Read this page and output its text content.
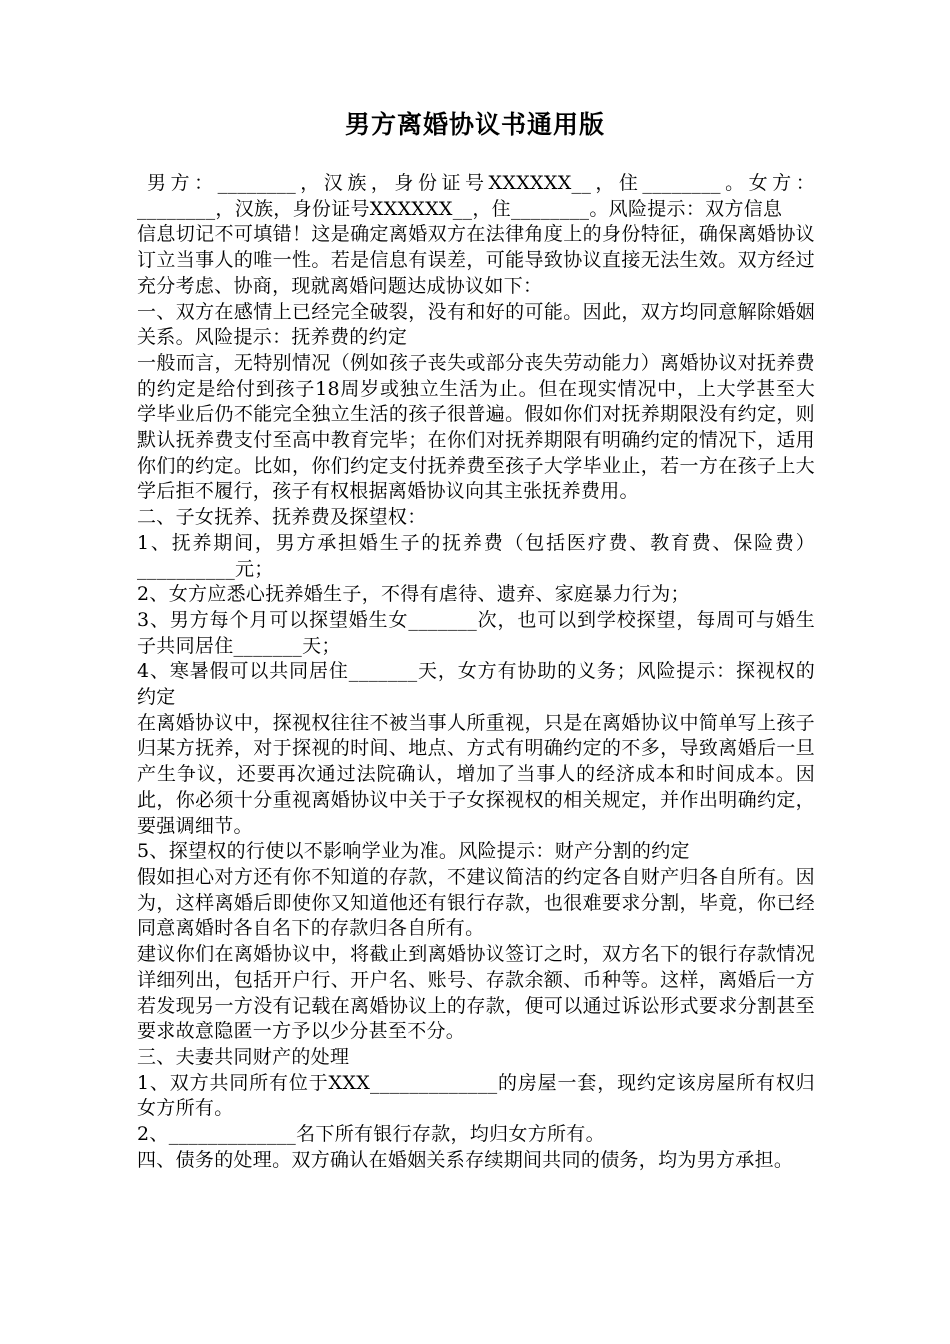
男方离婚协议书通用版

男方：________，汉族，身份证号XXXXXX__，住________。女方：________，汉族，身份证号XXXXXX__，住________。风险提示：双方信息

信息切记不可填错！这是确定离婚双方在法律角度上的身份特征，确保离婚协议订立当事人的唯一性。若是信息有误差，可能导致协议直接无法生效。双方经过充分考虑、协商，现就离婚问题达成协议如下：

一、双方在感情上已经完全破裂，没有和好的可能。因此，双方均同意解除婚姻关系。风险提示：抚养费的约定

一般而言，无特别情况（例如孩子丧失或部分丧失劳动能力）离婚协议对抚养费的约定是给付到孩子18周岁或独立生活为止。但在现实情况中，上大学甚至大学毕业后仍不能完全独立生活的孩子很普遍。假如你们对抚养期限没有约定，则默认抚养费支付至高中教育完毕；在你们对抚养期限有明确约定的情况下，适用你们的约定。比如，你们约定支付抚养费至孩子大学毕业止，若一方在孩子上大学后拒不履行，孩子有权根据离婚协议向其主张抚养费用。

二、子女抚养、抚养费及探望权：

1、抚养期间，男方承担婚生子的抚养费（包括医疗费、教育费、保险费）__________元；

2、女方应悉心抚养婚生子，不得有虐待、遗弃、家庭暴力行为；

3、男方每个月可以探望婚生女_______次，也可以到学校探望，每周可与婚生子共同居住_______天；

4、寒暑假可以共同居住_______天，女方有协助的义务；风险提示：探视权的约定

在离婚协议中，探视权往往不被当事人所重视，只是在离婚协议中简单写上孩子归某方抚养，对于探视的时间、地点、方式有明确约定的不多，导致离婚后一旦产生争议，还要再次通过法院确认，增加了当事人的经济成本和时间成本。因此，你必须十分重视离婚协议中关于子女探视权的相关规定，并作出明确约定，要强调细节。

5、探望权的行使以不影响学业为准。风险提示：财产分割的约定

假如担心对方还有你不知道的存款，不建议简洁的约定各自财产归各自所有。因为，这样离婚后即使你又知道他还有银行存款，也很难要求分割，毕竟，你已经同意离婚时各自名下的存款归各自所有。

建议你们在离婚协议中，将截止到离婚协议签订之时，双方名下的银行存款情况详细列出，包括开户行、开户名、账号、存款余额、币种等。这样，离婚后一方若发现另一方没有记载在离婚协议上的存款，便可以通过诉讼形式要求分割甚至要求故意隐匿一方予以少分甚至不分。

三、夫妻共同财产的处理

1、双方共同所有位于XXX_____________的房屋一套，现约定该房屋所有权归女方所有。

2、_____________名下所有银行存款，均归女方所有。

四、债务的处理。双方确认在婚姻关系存续期间共同的债务，均为男方承担。
